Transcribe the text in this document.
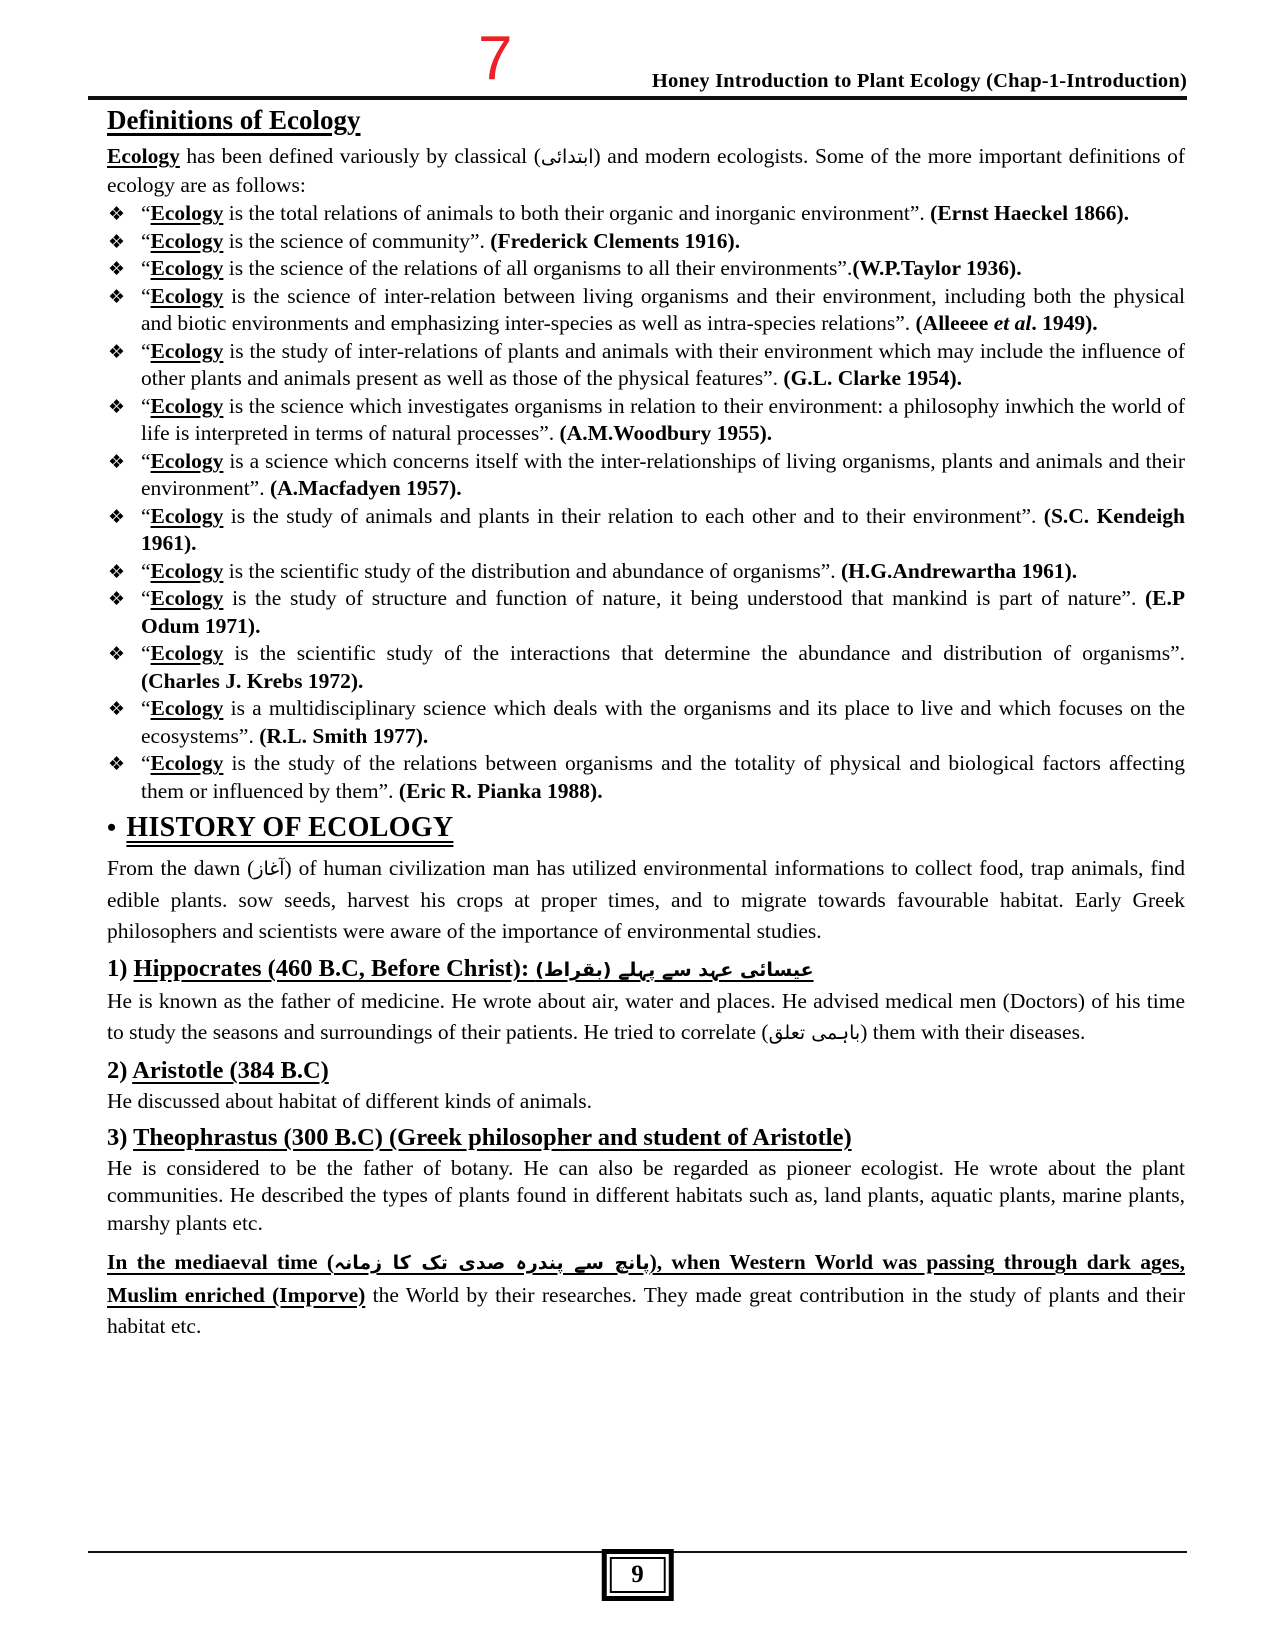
7	Honey Introduction to Plant Ecology (Chap-1-Introduction)
Definitions of Ecology

Ecology has been defined variously by classical (ابتدائی) and modern ecologists. Some of the more important definitions of ecology are as follows:

❖ “Ecology is the total relations of animals to both their organic and inorganic environment”. (Ernst Haeckel 1866).
❖ “Ecology is the science of community”. (Frederick Clements 1916).
❖ “Ecology is the science of the relations of all organisms to all their environments”.(W.P.Taylor 1936).
❖ “Ecology is the science of inter-relation between living organisms and their environment, including both the physical and biotic environments and emphasizing inter-species as well as intra-species relations”. (Alleeee et al. 1949).
❖ “Ecology is the study of inter-relations of plants and animals with their environment which may include the influence of other plants and animals present as well as those of the physical features”. (G.L. Clarke 1954).
❖ “Ecology is the science which investigates organisms in relation to their environment: a philosophy inwhich the world of life is interpreted in terms of natural processes”. (A.M.Woodbury 1955).
❖ “Ecology is a science which concerns itself with the inter-relationships of living organisms, plants and animals and their environment”. (A.Macfadyen 1957).
❖ “Ecology is the study of animals and plants in their relation to each other and to their environment”. (S.C. Kendeigh 1961).
❖ “Ecology is the scientific study of the distribution and abundance of organisms”. (H.G.Andrewartha 1961).
❖ “Ecology is the study of structure and function of nature, it being understood that mankind is part of nature”. (E.P Odum 1971).
❖ “Ecology is the scientific study of the interactions that determine the abundance and distribution of organisms”. (Charles J. Krebs 1972).
❖ “Ecology is a multidisciplinary science which deals with the organisms and its place to live and which focuses on the ecosystems”. (R.L. Smith 1977).
❖ “Ecology is the study of the relations between organisms and the totality of physical and biological factors affecting them or influenced by them”. (Eric R. Pianka 1988).
• HISTORY OF ECOLOGY

From the dawn (آغاز) of human civilization man has utilized environmental informations to collect food, trap animals, find edible plants. sow seeds, harvest his crops at proper times, and to migrate towards favourable habitat. Early Greek philosophers and scientists were aware of the importance of environmental studies.

1) Hippocrates (460 B.C, Before Christ): عیسائی عہد سے پہلے (بقراط)

He is known as the father of medicine. He wrote about air, water and places. He advised medical men (Doctors) of his time to study the seasons and surroundings of their patients. He tried to correlate (باہمی تعلق) them with their diseases.

2) Aristotle (384 B.C)

He discussed about habitat of different kinds of animals.

3) Theophrastus (300 B.C) (Greek philosopher and student of Aristotle)

He is considered to be the father of botany. He can also be regarded as pioneer ecologist. He wrote about the plant communities. He described the types of plants found in different habitats such as, land plants, aquatic plants, marine plants, marshy plants etc.

In the mediaeval time (پانچ سے پندرہ صدی تک کا زمانہ), when Western World was passing through dark ages, Muslim enriched (Imporve) the World by their researches. They made great contribution in the study of plants and their habitat etc.

9
